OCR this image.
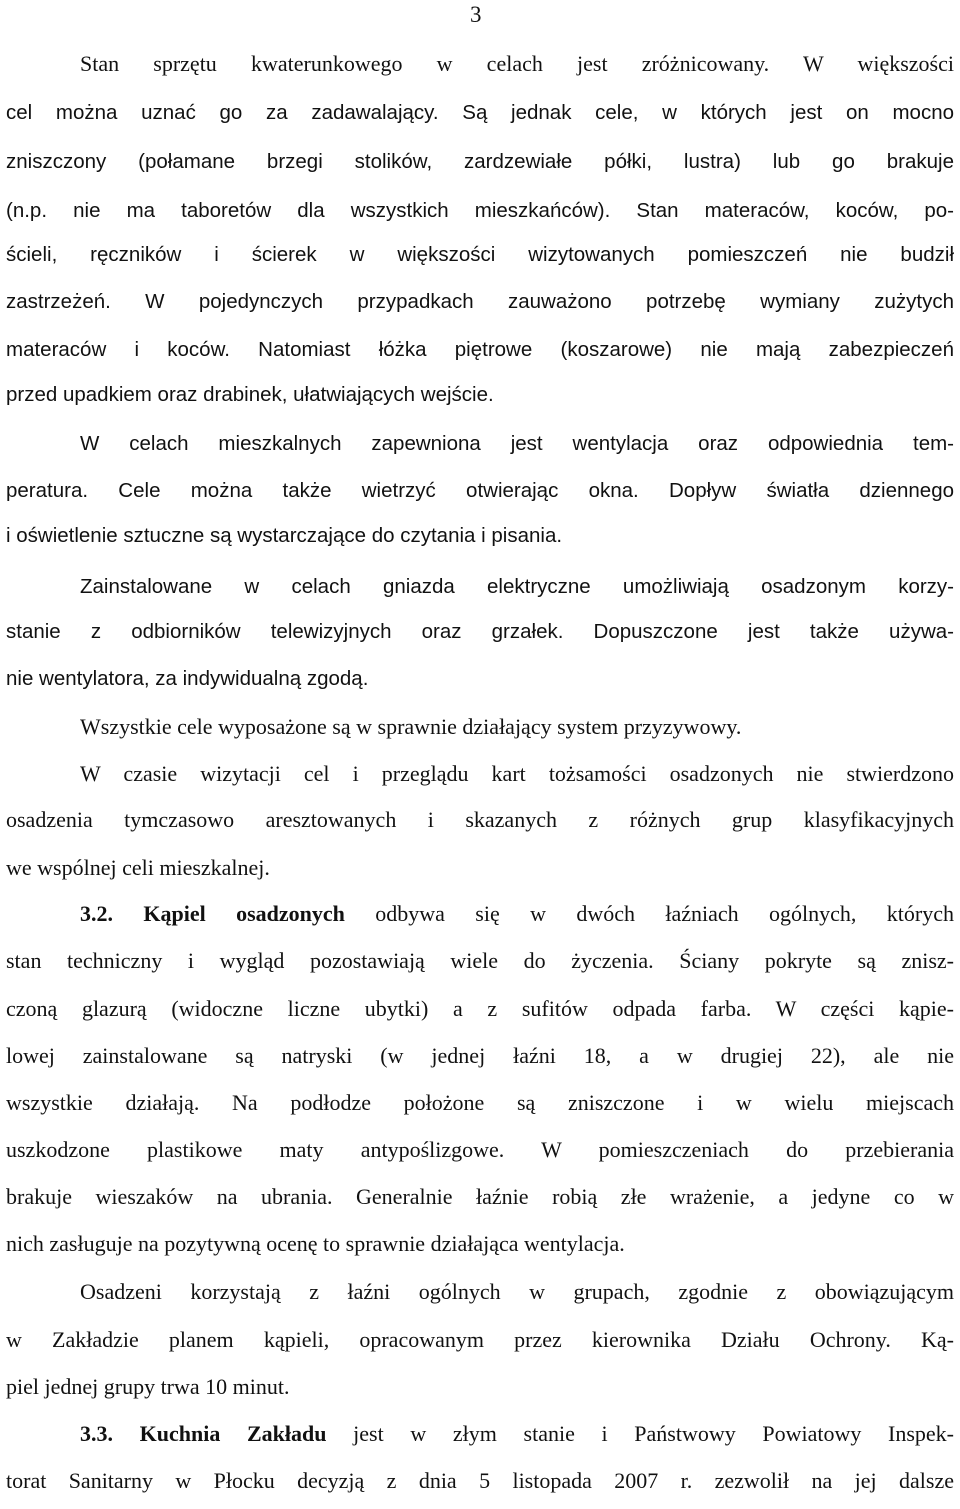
3
Stan sprzętu kwaterunkowego w celach jest zróżnicowany. W większości
cel można uznać go za zadawalający. Są jednak cele, w których jest on mocno
zniszczony (połamane brzegi stolików, zardzewiałe półki, lustra) lub go brakuje
(n.p. nie ma taboretów dla wszystkich mieszkańców). Stan materaców, koców, po-
ścieli, ręczników i ścierek w większości wizytowanych pomieszczeń nie budził
zastrzeżeń. W pojedynczych przypadkach zauważono potrzebę wymiany zużytych
materaców i koców. Natomiast łóżka piętrowe (koszarowe) nie mają zabezpieczeń
przed upadkiem oraz drabinek, ułatwiających wejście.
W celach mieszkalnych zapewniona jest wentylacja oraz odpowiednia tem-
peratura. Cele można także wietrzyć otwierając okna. Dopływ światła dziennego
i oświetlenie sztuczne są wystarczające do czytania i pisania.
Zainstalowane w celach gniazda elektryczne umożliwiają osadzonym korzy-
stanie z odbiorników telewizyjnych oraz grzałek. Dopuszczone jest także używa-
nie wentylatora, za indywidualną zgodą.
Wszystkie cele wyposażone są w sprawnie działający system przyzywowy.
W czasie wizytacji cel i przeglądu kart tożsamości osadzonych nie stwierdzono
osadzenia tymczasowo aresztowanych i skazanych z różnych grup klasyfikacyjnych
we wspólnej celi mieszkalnej.
3.2. Kąpiel osadzonych odbywa się w dwóch łaźniach ogólnych, których
stan techniczny i wygląd pozostawiają wiele do życzenia. Ściany pokryte są znisz-
czoną glazurą (widoczne liczne ubytki) a z sufitów odpada farba. W części kąpie-
lowej zainstalowane są natryski (w jednej łaźni 18, a w drugiej 22), ale nie
wszystkie działają. Na podłodze położone są zniszczone i w wielu miejscach
uszkodzone plastikowe maty antypoślizgowe. W pomieszczeniach do przebierania
brakuje wieszaków na ubrania. Generalnie łaźnie robią złe wrażenie, a jedyne co w
nich zasługuje na pozytywną ocenę to sprawnie działająca wentylacja.
Osadzeni korzystają z łaźni ogólnych w grupach, zgodnie z obowiązującym
w Zakładzie planem kąpieli, opracowanym przez kierownika Działu Ochrony. Ką-
piel jednej grupy trwa 10 minut.
3.3. Kuchnia Zakładu jest w złym stanie i Państwowy Powiatowy Inspek-
torat Sanitarny w Płocku decyzją z dnia 5 listopada 2007 r. zezwolił na jej dalsze
